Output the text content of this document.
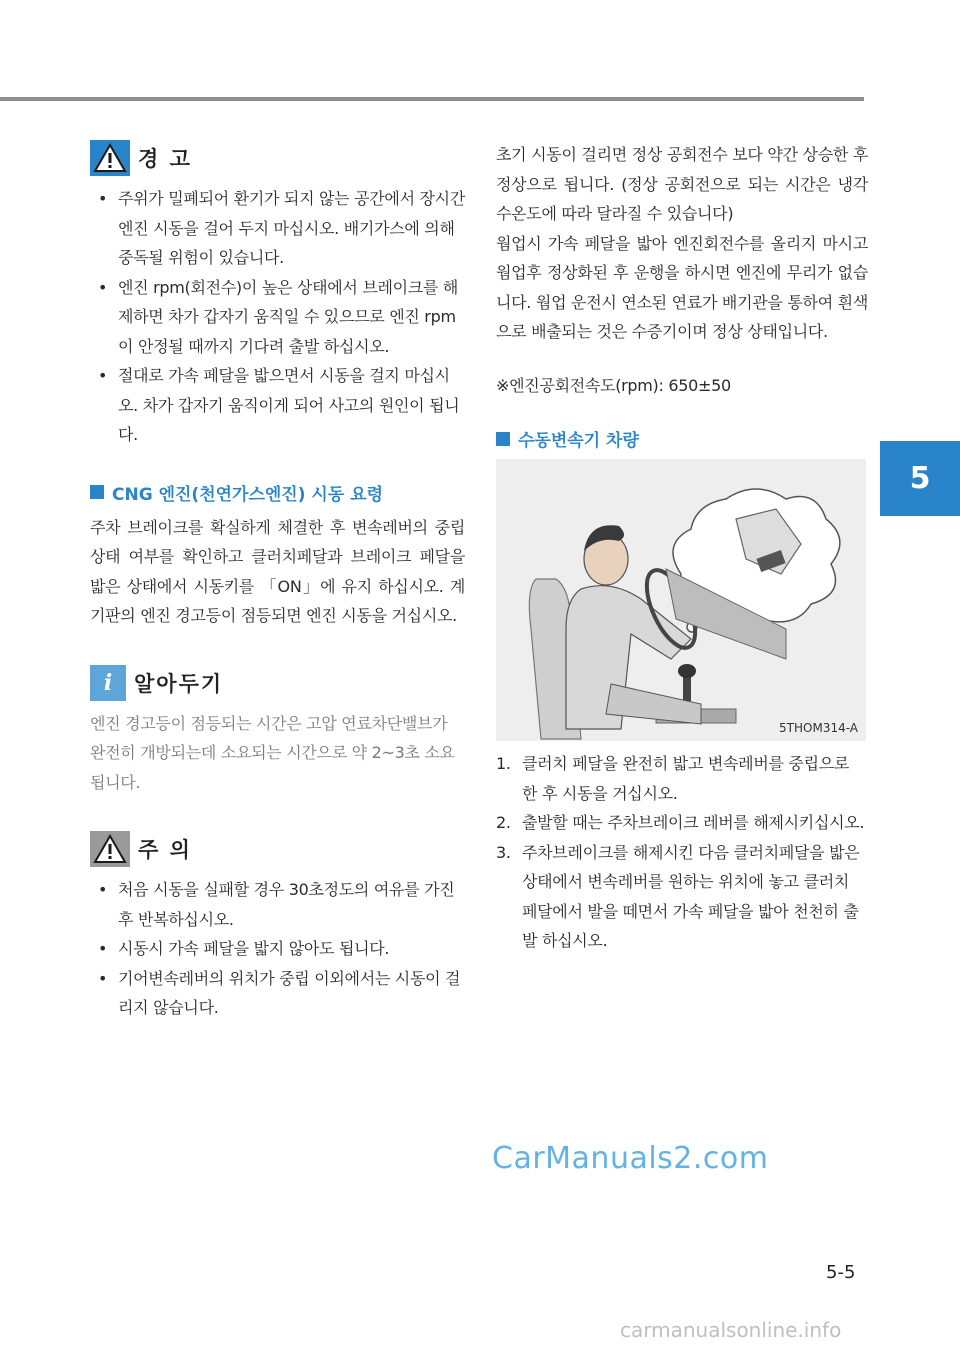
5
경 고
• 주위가 밀폐되어 환기가 되지 않는 공간에서 장시간 엔진 시동을 걸어 두지 마십시오. 배기가스에 의해 중독될 위험이 있습니다.
• 엔진 rpm(회전수)이 높은 상태에서 브레이크를 해제하면 차가 갑자기 움직일 수 있으므로 엔진 rpm이 안정될 때까지 기다려 출발 하십시오.
• 절대로 가속 페달을 밟으면서 시동을 걸지 마십시오. 차가 갑자기 움직이게 되어 사고의 원인이 됩니다.
CNG 엔진(천연가스엔진) 시동 요령

주차 브레이크를 확실하게 체결한 후 변속레버의 중립상태 여부를 확인하고 클러치페달과 브레이크 페달을 밟은 상태에서 시동키를 「ON」에 유지 하십시오. 계기판의 엔진 경고등이 점등되면 엔진 시동을 거십시오.

i	알아두기

엔진 경고등이 점등되는 시간은 고압 연료차단밸브가 완전히 개방되는데 소요되는 시간으로 약 2~3초 소요됩니다.

주 의
• 처음 시동을 실패할 경우 30초정도의 여유를 가진후 반복하십시오.
• 시동시 가속 페달을 밟지 않아도 됩니다.
• 기어변속레버의 위치가 중립 이외에서는 시동이 걸리지 않습니다.

초기 시동이 걸리면 정상 공회전수 보다 약간 상승한 후 정상으로 됩니다. (정상 공회전으로 되는 시간은 냉각수온도에 따라 달라질 수 있습니다)

웜업시 가속 페달을 밟아 엔진회전수를 올리지 마시고 웜업후 정상화된 후 운행을 하시면 엔진에 무리가 없습니다. 웜업 운전시 연소된 연료가 배기관을 통하여 흰색으로 배출되는 것은 수증기이며 정상 상태입니다.

※엔진공회전속도(rpm): 650±50

수동변속기 차량
5THOM314-A
1. 클러치 페달을 완전히 밟고 변속레버를 중립으로 한 후 시동을 거십시오.
2. 출발할 때는 주차브레이크 레버를 해제시키십시오.
3. 주차브레이크를 해제시킨 다음 클러치페달을 밟은 상태에서 변속레버를 원하는 위치에 놓고 클러치 페달에서 발을 떼면서 가속 페달을 밟아 천천히 출발 하십시오.
CarManuals2.com
5-5
carmanualsonline.info
